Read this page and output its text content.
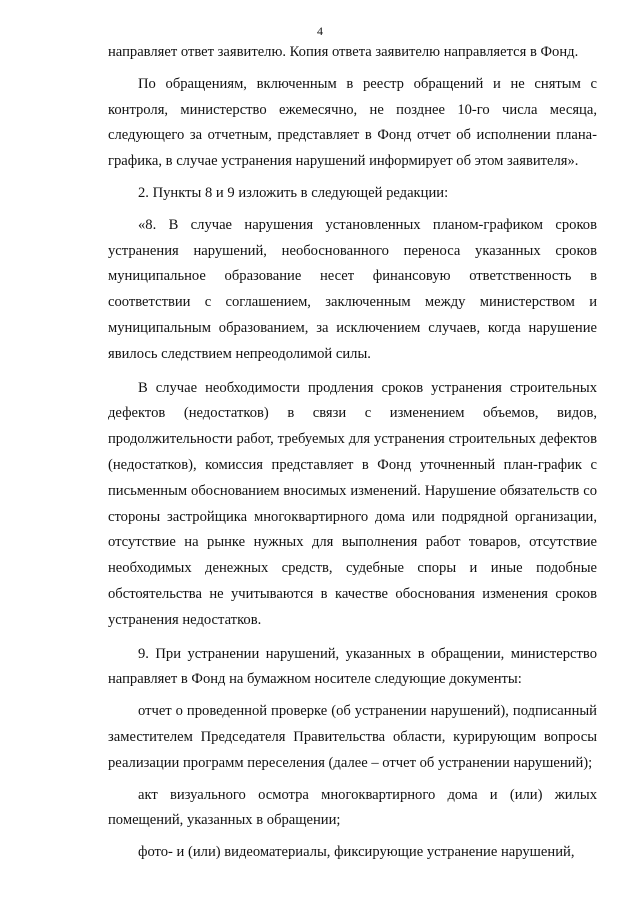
4

направляет ответ заявителю. Копия ответа заявителю направляется в Фонд.

По обращениям, включенным в реестр обращений и не снятым с контроля, министерство ежемесячно, не позднее 10-го числа месяца, следующего за отчетным, представляет в Фонд отчет об исполнении плана-графика, в случае устранения нарушений информирует об этом заявителя».

2. Пункты 8 и 9 изложить в следующей редакции:

«8. В случае нарушения установленных планом-графиком сроков устранения нарушений, необоснованного переноса указанных сроков муниципальное образование несет финансовую ответственность в соответствии с соглашением, заключенным между министерством и муниципальным образованием, за исключением случаев, когда нарушение явилось следствием непреодолимой силы.

В случае необходимости продления сроков устранения строительных дефектов (недостатков) в связи с изменением объемов, видов, продолжительности работ, требуемых для устранения строительных дефектов (недостатков), комиссия представляет в Фонд уточненный план-график с письменным обоснованием вносимых изменений. Нарушение обязательств со стороны застройщика многоквартирного дома или подрядной организации, отсутствие на рынке нужных для выполнения работ товаров, отсутствие необходимых денежных средств, судебные споры и иные подобные обстоятельства не учитываются в качестве обоснования изменения сроков устранения недостатков.

9. При устранении нарушений, указанных в обращении, министерство направляет в Фонд на бумажном носителе следующие документы:

отчет о проведенной проверке (об устранении нарушений), подписанный заместителем Председателя Правительства области, курирующим вопросы реализации программ переселения (далее – отчет об устранении нарушений);

акт визуального осмотра многоквартирного дома и (или) жилых помещений, указанных в обращении;

фото- и (или) видеоматериалы, фиксирующие устранение нарушений,
